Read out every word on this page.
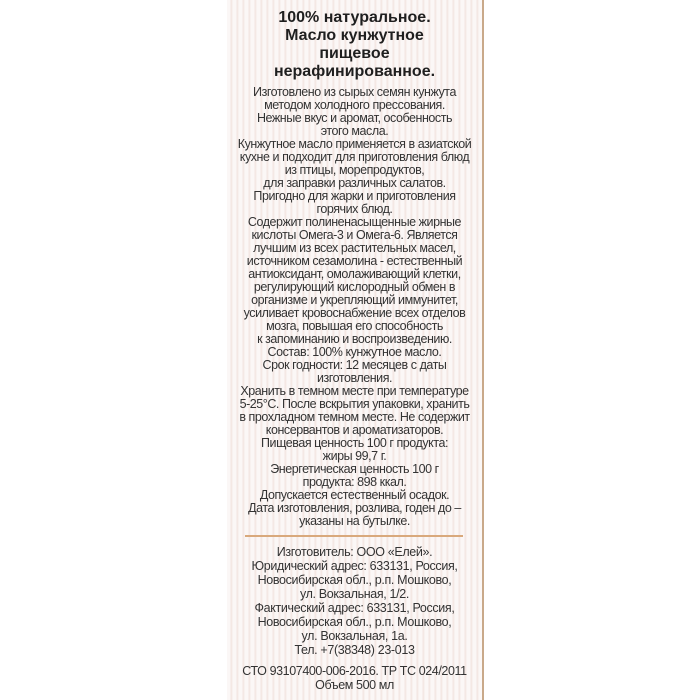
100% натуральное.
Масло кунжутное
пищевое
нерафинированное.
Изготовлено из сырых семян кунжута
методом холодного прессования.
Нежные вкус и аромат, особенность
этого масла.
Кунжутное масло применяется в азиатской
кухне и подходит для приготовления блюд
из птицы, морепродуктов,
для заправки различных салатов.
Пригодно для жарки и приготовления
горячих блюд.
Содержит полиненасыщенные жирные
кислоты Омега-3 и Омега-6. Является
лучшим из всех растительных масел,
источником сезамолина - естественный
антиоксидант, омолаживающий клетки,
регулирующий кислородный обмен в
организме и укрепляющий иммунитет,
усиливает кровоснабжение всех отделов
мозга, повышая его способность
к запоминанию и воспроизведению.
Состав: 100% кунжутное масло.
Срок годности: 12 месяцев с даты
изготовления.
Хранить в темном месте при температуре
5-25°С. После вскрытия упаковки, хранить
в прохладном темном месте. Не содержит
консервантов и ароматизаторов.
Пищевая ценность 100 г продукта:
жиры 99,7 г.
Энергетическая ценность 100 г
продукта: 898 ккал.
Допускается естественный осадок.
Дата изготовления, розлива, годен до –
указаны на бутылке.
Изготовитель: ООО «Елей».
Юридический адрес: 633131, Россия,
Новосибирская обл., р.п. Мошково,
ул. Вокзальная, 1/2.
Фактический адрес: 633131, Россия,
Новосибирская обл., р.п. Мошково,
ул. Вокзальная, 1а.
Тел. +7(38348) 23-013
СТО 93107400-006-2016. ТР ТС 024/2011
Объем 500 мл
